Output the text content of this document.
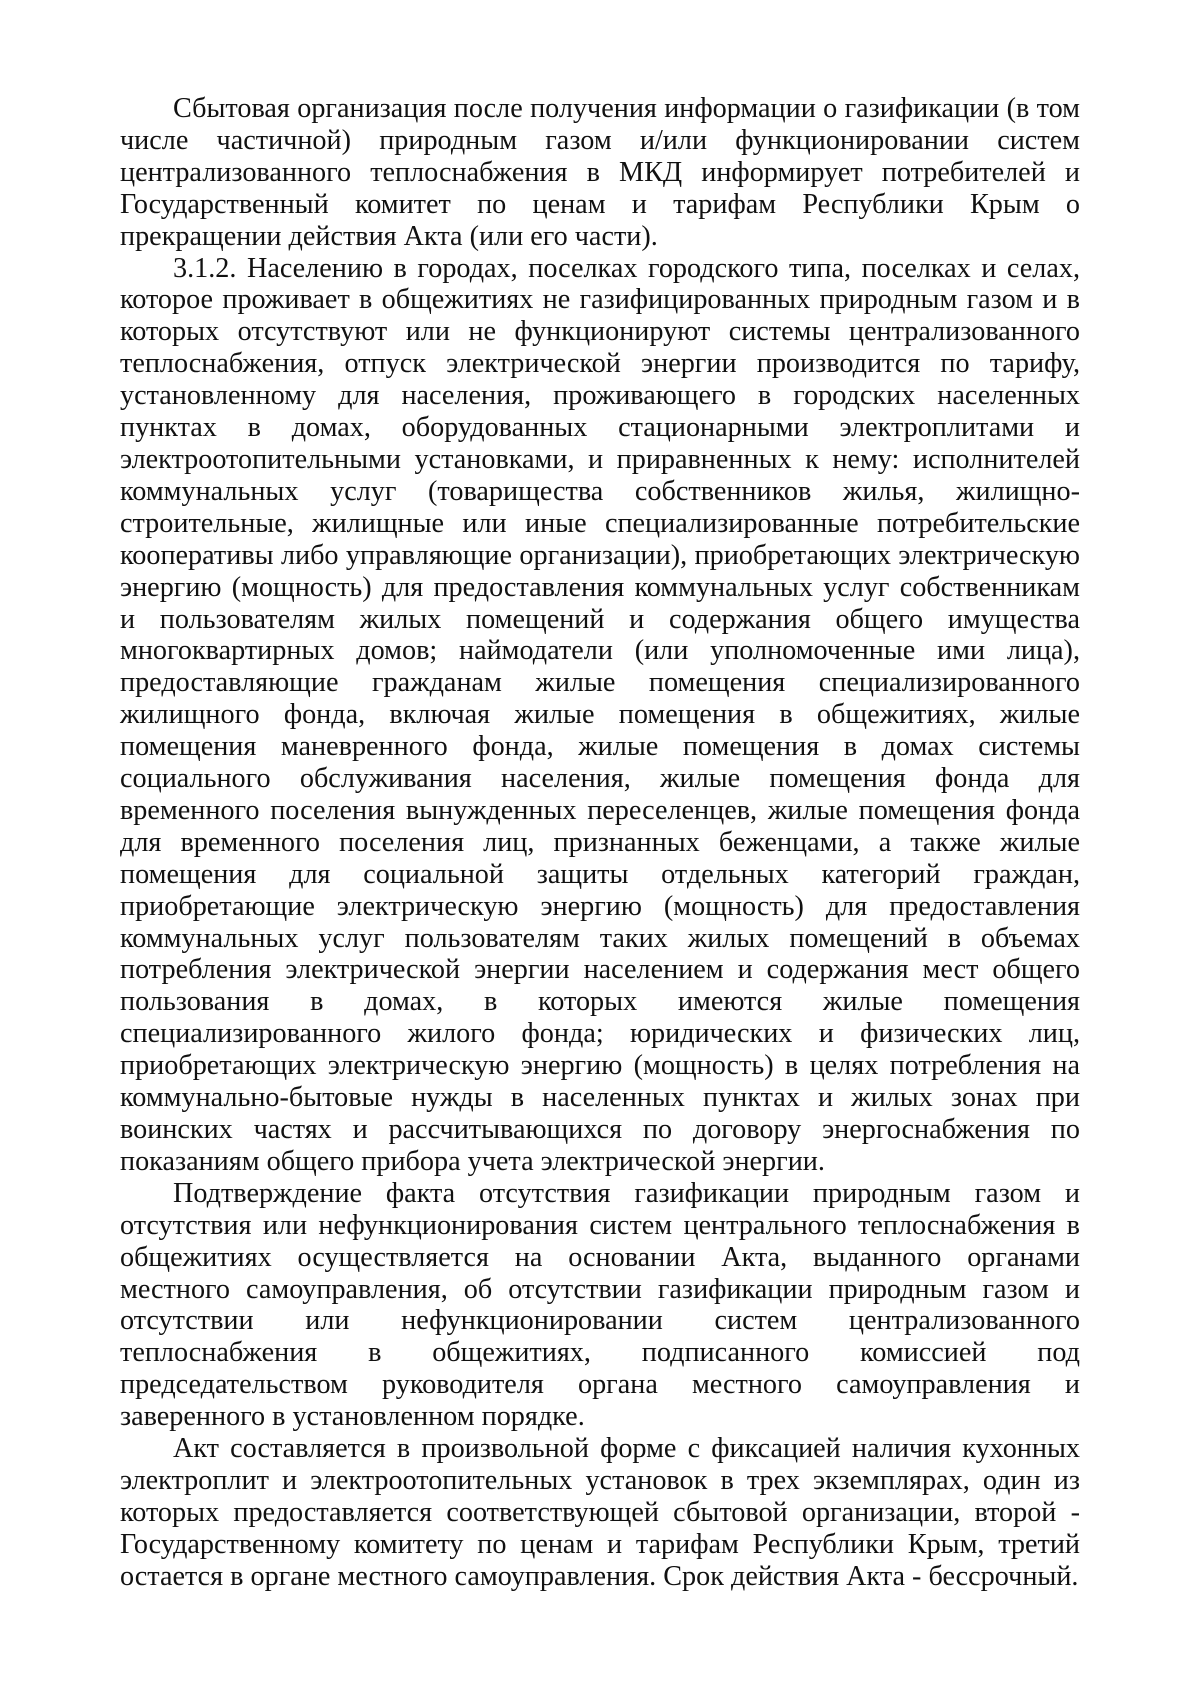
Сбытовая организация после получения информации о газификации (в том числе частичной) природным газом и/или функционировании систем централизованного теплоснабжения в МКД информирует потребителей и Государственный комитет по ценам и тарифам Республики Крым о прекращении действия Акта (или его части).

3.1.2. Населению в городах, поселках городского типа, поселках и селах, которое проживает в общежитиях не газифицированных природным газом и в которых отсутствуют или не функционируют системы централизованного теплоснабжения, отпуск электрической энергии производится по тарифу, установленному для населения, проживающего в городских населенных пунктах в домах, оборудованных стационарными электроплитами и электроотопительными установками, и приравненных к нему: исполнителей коммунальных услуг (товарищества собственников жилья, жилищно-строительные, жилищные или иные специализированные потребительские кооперативы либо управляющие организации), приобретающих электрическую энергию (мощность) для предоставления коммунальных услуг собственникам и пользователям жилых помещений и содержания общего имущества многоквартирных домов; наймодатели (или уполномоченные ими лица), предоставляющие гражданам жилые помещения специализированного жилищного фонда, включая жилые помещения в общежитиях, жилые помещения маневренного фонда, жилые помещения в домах системы социального обслуживания населения, жилые помещения фонда для временного поселения вынужденных переселенцев, жилые помещения фонда для временного поселения лиц, признанных беженцами, а также жилые помещения для социальной защиты отдельных категорий граждан, приобретающие электрическую энергию (мощность) для предоставления коммунальных услуг пользователям таких жилых помещений в объемах потребления электрической энергии населением и содержания мест общего пользования в домах, в которых имеются жилые помещения специализированного жилого фонда; юридических и физических лиц, приобретающих электрическую энергию (мощность) в целях потребления на коммунально-бытовые нужды в населенных пунктах и жилых зонах при воинских частях и рассчитывающихся по договору энергоснабжения по показаниям общего прибора учета электрической энергии.

Подтверждение факта отсутствия газификации природным газом и отсутствия или нефункционирования систем центрального теплоснабжения в общежитиях осуществляется на основании Акта, выданного органами местного самоуправления, об отсутствии газификации природным газом и отсутствии или нефункционировании систем централизованного теплоснабжения в общежитиях, подписанного комиссией под председательством руководителя органа местного самоуправления и заверенного в установленном порядке.

Акт составляется в произвольной форме с фиксацией наличия кухонных электроплит и электроотопительных установок в трех экземплярах, один из которых предоставляется соответствующей сбытовой организации, второй - Государственному комитету по ценам и тарифам Республики Крым, третий остается в органе местного самоуправления. Срок действия Акта - бессрочный.
